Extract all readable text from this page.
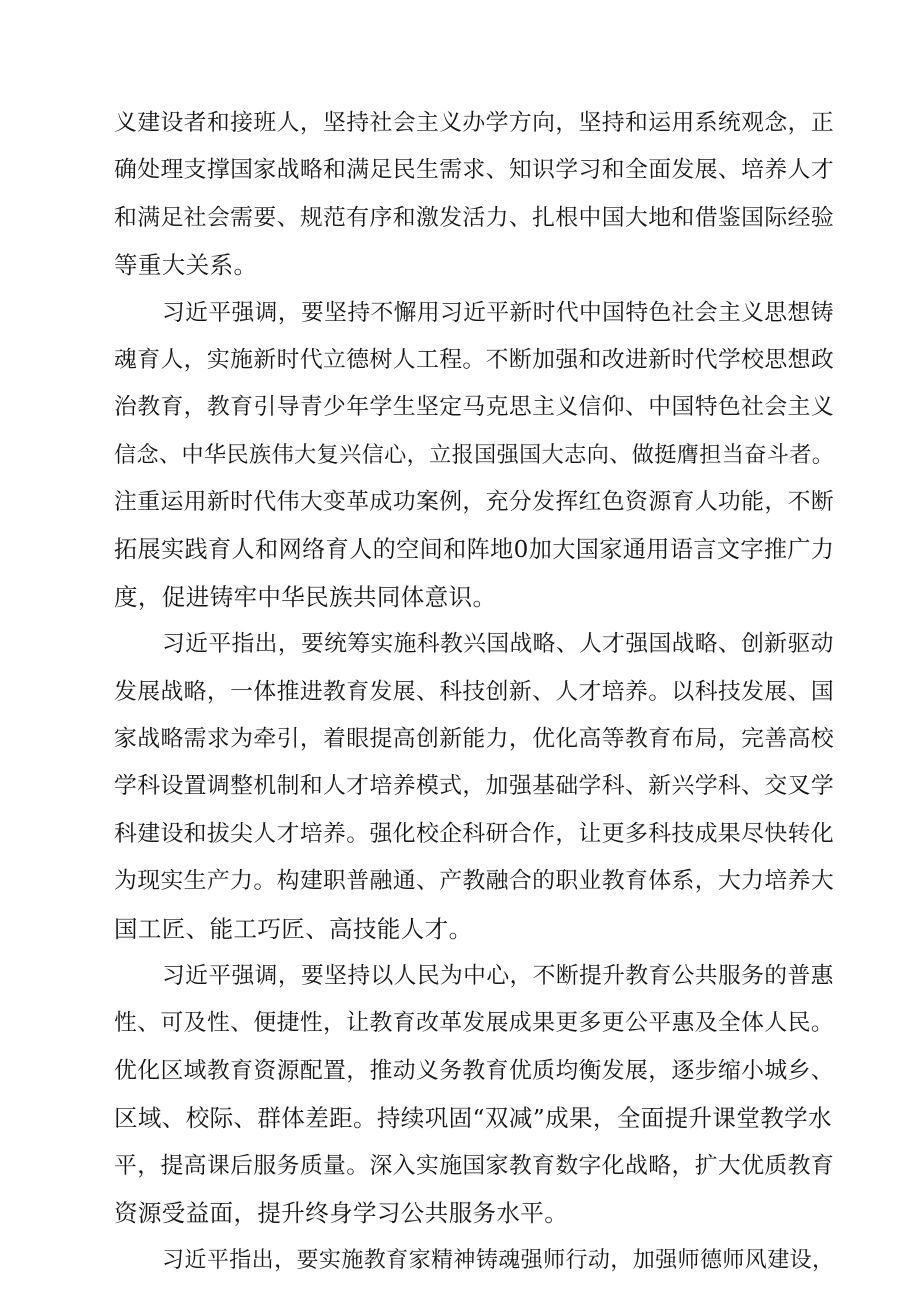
义建设者和接班人，坚持社会主义办学方向，坚持和运用系统观念，正
确处理支撑国家战略和满足民生需求、知识学习和全面发展、培养人才
和满足社会需要、规范有序和激发活力、扎根中国大地和借鉴国际经验
等重大关系。
习近平强调，要坚持不懈用习近平新时代中国特色社会主义思想铸
魂育人，实施新时代立德树人工程。不断加强和改进新时代学校思想政
治教育，教育引导青少年学生坚定马克思主义信仰、中国特色社会主义
信念、中华民族伟大复兴信心，立报国强国大志向、做挺膺担当奋斗者。
注重运用新时代伟大变革成功案例，充分发挥红色资源育人功能，不断
拓展实践育人和网络育人的空间和阵地0加大国家通用语言文字推广力
度，促进铸牢中华民族共同体意识。
习近平指出，要统筹实施科教兴国战略、人才强国战略、创新驱动
发展战略，一体推进教育发展、科技创新、人才培养。以科技发展、国
家战略需求为牵引，着眼提高创新能力，优化高等教育布局，完善高校
学科设置调整机制和人才培养模式，加强基础学科、新兴学科、交叉学
科建设和拔尖人才培养。强化校企科研合作，让更多科技成果尽快转化
为现实生产力。构建职普融通、产教融合的职业教育体系，大力培养大
国工匠、能工巧匠、高技能人才。
习近平强调，要坚持以人民为中心，不断提升教育公共服务的普惠
性、可及性、便捷性，让教育改革发展成果更多更公平惠及全体人民。
优化区域教育资源配置，推动义务教育优质均衡发展，逐步缩小城乡、
区域、校际、群体差距。持续巩固“双减”成果，全面提升课堂教学水
平，提高课后服务质量。深入实施国家教育数字化战略，扩大优质教育
资源受益面，提升终身学习公共服务水平。
习近平指出，要实施教育家精神铸魂强师行动，加强师德师风建设，
